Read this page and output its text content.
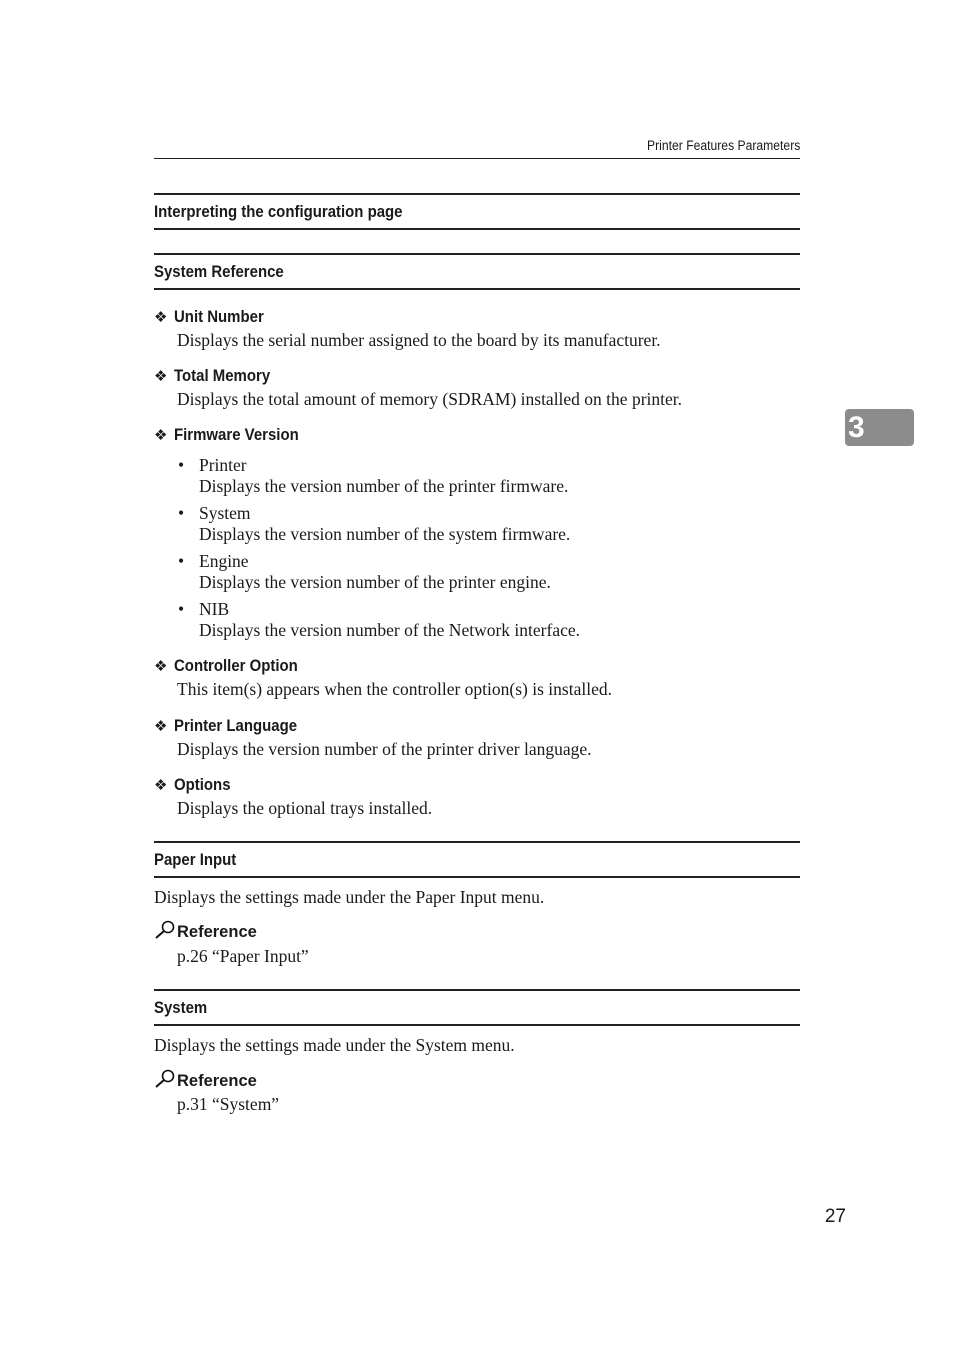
Printer Features Parameters
Interpreting the configuration page
System Reference
❖ Unit Number
Displays the serial number assigned to the board by its manufacturer.
❖ Total Memory
Displays the total amount of memory (SDRAM) installed on the printer.
❖ Firmware Version
• Printer
Displays the version number of the printer firmware.
• System
Displays the version number of the system firmware.
• Engine
Displays the version number of the printer engine.
• NIB
Displays the version number of the Network interface.
❖ Controller Option
This item(s) appears when the controller option(s) is installed.
❖ Printer Language
Displays the version number of the printer driver language.
❖ Options
Displays the optional trays installed.
Paper Input
Displays the settings made under the Paper Input menu.
Reference
p.26 “Paper Input”
System
Displays the settings made under the System menu.
Reference
p.31 “System”
3
27
